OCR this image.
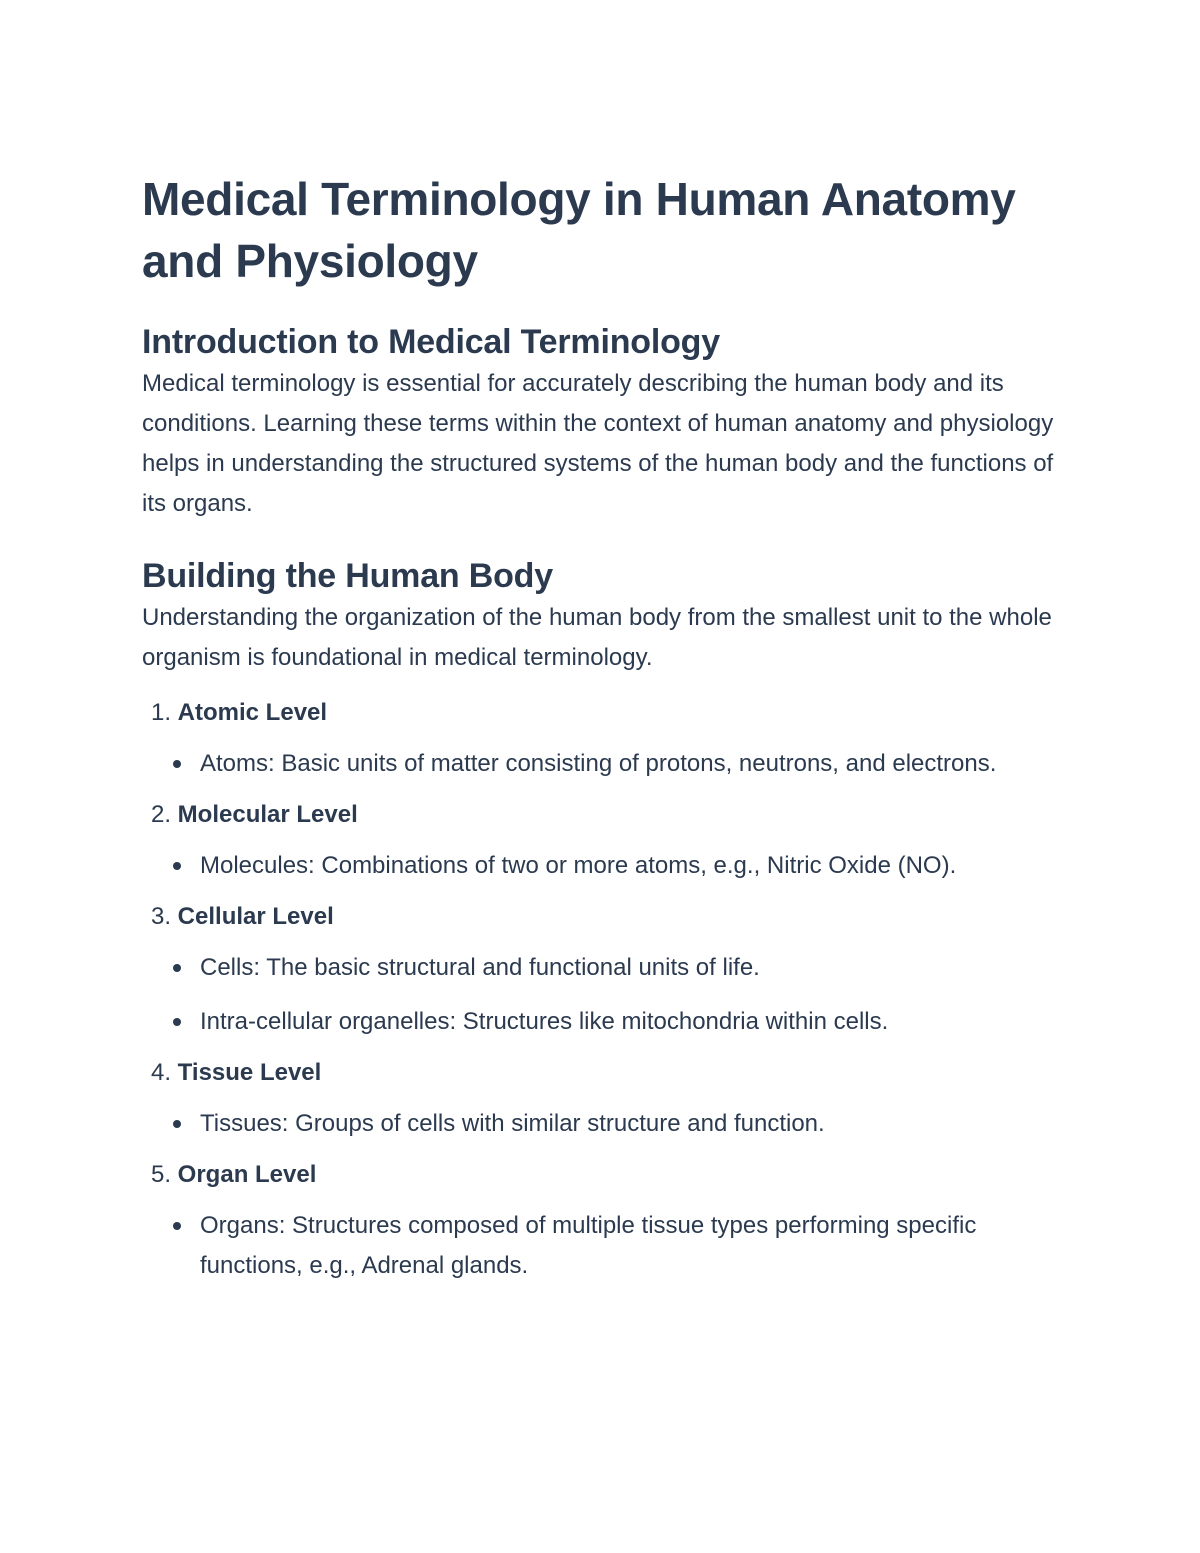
Medical Terminology in Human Anatomy and Physiology
Introduction to Medical Terminology

Medical terminology is essential for accurately describing the human body and its conditions. Learning these terms within the context of human anatomy and physiology helps in understanding the structured systems of the human body and the functions of its organs.

Building the Human Body

Understanding the organization of the human body from the smallest unit to the whole organism is foundational in medical terminology.

1.
Atomic Level
Atoms: Basic units of matter consisting of protons, neutrons, and electrons.
2.
Molecular Level
Molecules: Combinations of two or more atoms, e.g., Nitric Oxide (NO).
3.
Cellular Level
Cells: The basic structural and functional units of life.
Intra-cellular organelles: Structures like mitochondria within cells.
4.
Tissue Level
Tissues: Groups of cells with similar structure and function.
5.
Organ Level
Organs: Structures composed of multiple tissue types performing specific functions, e.g., Adrenal glands.
